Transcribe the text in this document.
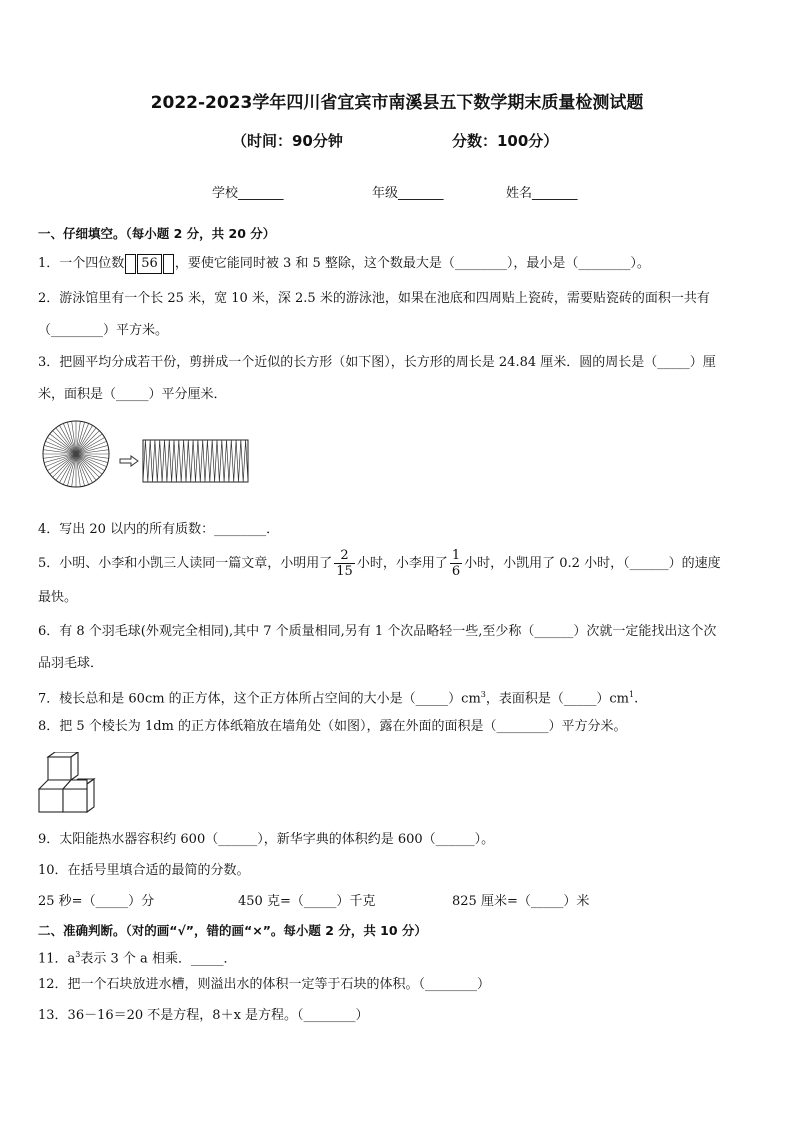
2022-2023学年四川省宜宾市南溪县五下数学期末质量检测试题
（时间：90分钟	分数：100分）
学校_______	年级_______	姓名_______
一、仔细填空。（每小题 2 分，共 20 分）
1．一个四位数 56 ，要使它能同时被 3 和 5 整除，这个数最大是（________），最小是（________）。
2．游泳馆里有一个长 25 米，宽 10 米，深 2.5 米的游泳池，如果在池底和四周贴上瓷砖，需要贴瓷砖的面积一共有
（________）平方米。
3．把圆平均分成若干份，剪拼成一个近似的长方形（如下图），长方形的周长是 24.84 厘米．圆的周长是（_____）厘
米，面积是（_____）平分厘米．
4．写出 20 以内的所有质数：________．
5．小明、小李和小凯三人读同一篇文章，小明用了 $\frac{2}{15}$ 小时，小李用了 $\frac{1}{6}$ 小时，小凯用了 0.2 小时，（______）的速度
最快。
6．有 8 个羽毛球(外观完全相同),其中 7 个质量相同,另有 1 个次品略轻一些,至少称（______）次就一定能找出这个次
品羽毛球．
7．棱长总和是 60cm 的正方体，这个正方体所占空间的大小是$(\_\_\_\_\_)cm^3$，表面积是$(\_\_\_\_\_)cm^1$.
8．把 5 个棱长为 1dm 的正方体纸箱放在墙角处（如图），露在外面的面积是（________）平方分米。
9．太阳能热水器容积约 600（______），新华字典的体积约是 600（______）。
10．在括号里填合适的最简的分数。
25 秒=（_____）分	450 克=（_____）千克	825 厘米=（_____）米
二、准确判断。（对的画“√”，错的画“×”。每小题 2 分，共 10 分）
11．$a^3$表示 3 个 a 相乘．_____．
12．把一个石块放进水槽，则溢出水的体积一定等于石块的体积。（________）
13．36－16＝20 不是方程，8＋x 是方程。（________）
